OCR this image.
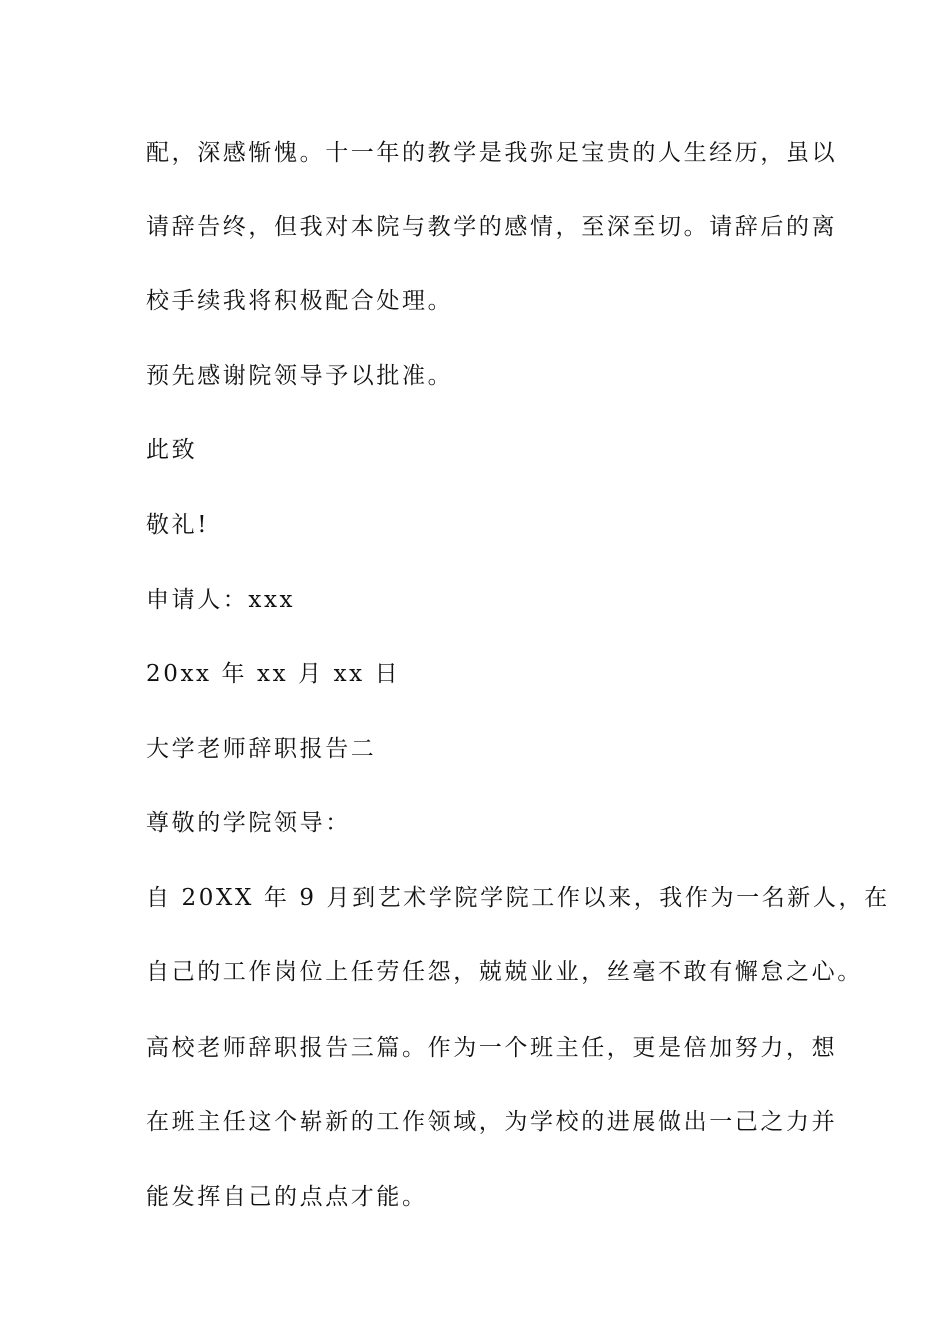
配，深感惭愧。十一年的教学是我弥足宝贵的人生经历，虽以
请辞告终，但我对本院与教学的感情，至深至切。请辞后的离
校手续我将积极配合处理。
预先感谢院领导予以批准。
此致
敬礼!
申请人：xxx
20xx 年 xx 月 xx 日
大学老师辞职报告二
尊敬的学院领导：
自 20XX 年 9 月到艺术学院学院工作以来，我作为一名新人，在
自己的工作岗位上任劳任怨，兢兢业业，丝毫不敢有懈怠之心。
高校老师辞职报告三篇。作为一个班主任，更是倍加努力，想
在班主任这个崭新的工作领域，为学校的进展做出一己之力并
能发挥自己的点点才能。
